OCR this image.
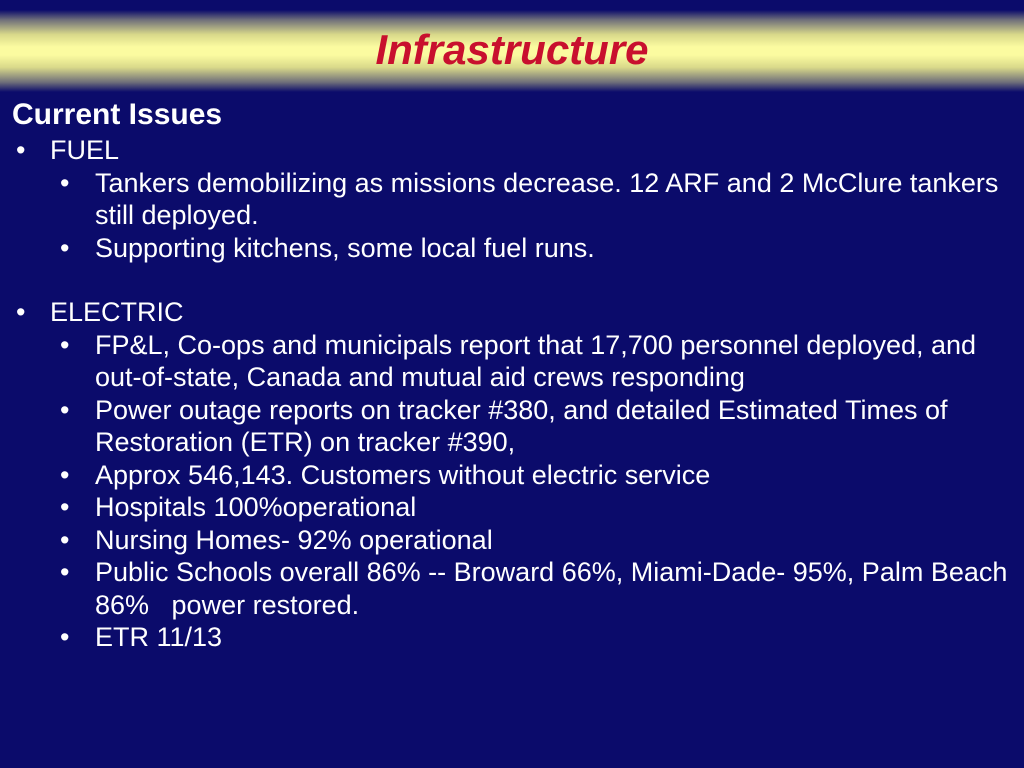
Infrastructure
Current Issues
• FUEL
• Tankers demobilizing as missions decrease. 12 ARF and 2 McClure tankers still deployed.
• Supporting kitchens, some local fuel runs.
• ELECTRIC
• FP&L, Co-ops and municipals report that 17,700 personnel deployed, and out-of-state, Canada and mutual aid crews responding
• Power outage reports on tracker #380, and detailed Estimated Times of Restoration (ETR) on tracker #390,
• Approx 546,143. Customers without electric service
• Hospitals 100%operational
• Nursing Homes- 92% operational
• Public Schools overall 86% -- Broward 66%, Miami-Dade- 95%, Palm Beach 86%   power restored.
• ETR 11/13
